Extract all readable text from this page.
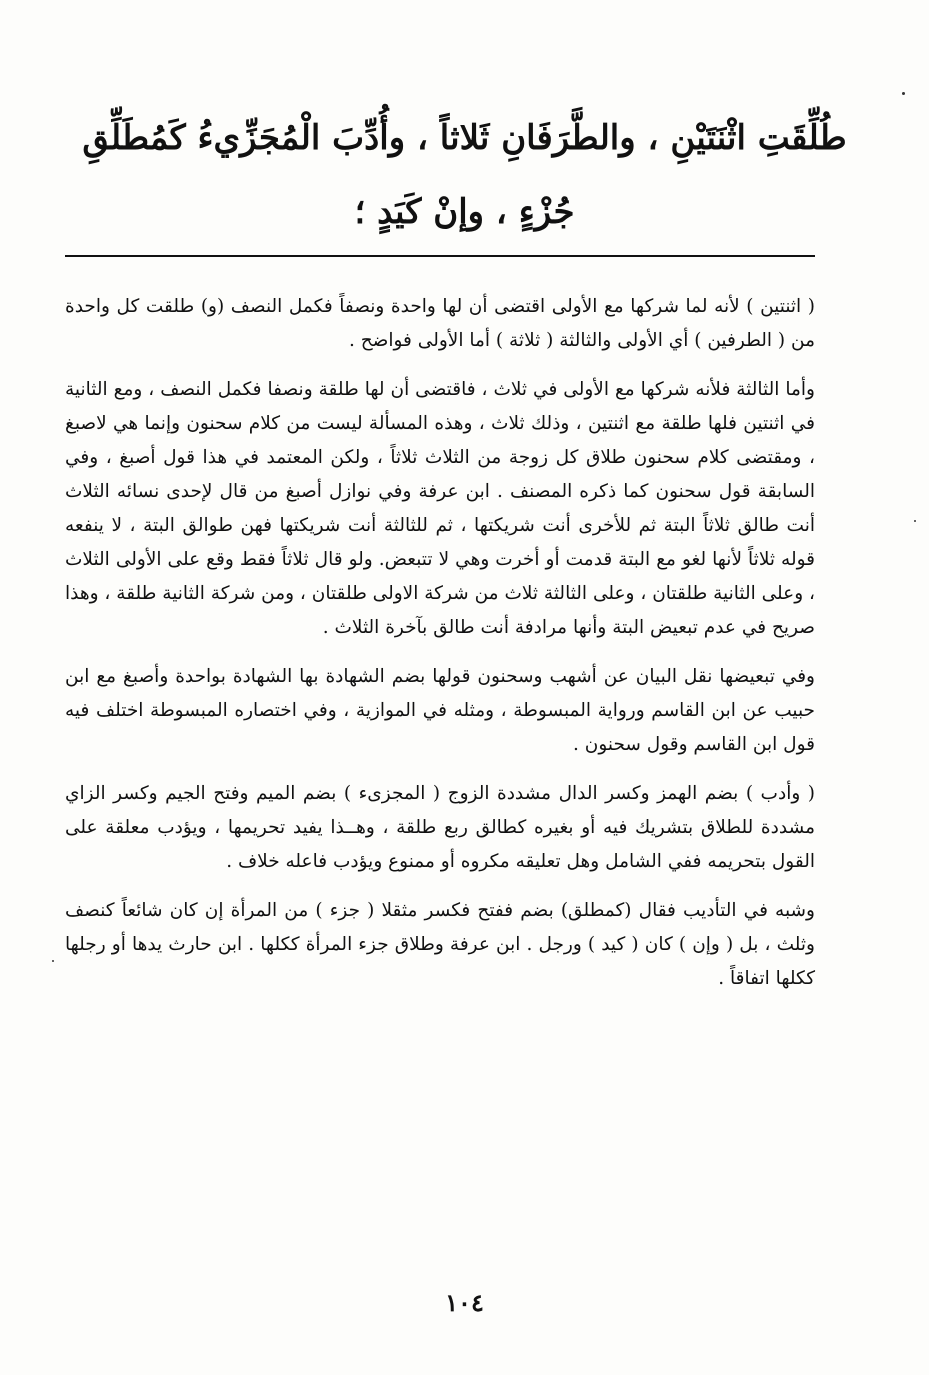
طُلِّقَتِ اثْنَتَيْنِ ، والطَّرَفَانِ ثَلاثاً ، وأُدِّبَ الْمُجَزِّيءُ كَمُطَلِّقِ
جُزْءٍ ، وإنْ كَيَدٍ ؛

( اثنتين ) لأنه لما شركها مع الأولى اقتضى أن لها واحدة ونصفاً فكمل النصف (و) طلقت كل واحدة من ( الطرفين ) أي الأولى والثالثة ( ثلاثة ) أما الأولى فواضح .

وأما الثالثة فلأنه شركها مع الأولى في ثلاث ، فاقتضى أن لها طلقة ونصفا فكمل النصف ، ومع الثانية في اثنتين فلها طلقة مع اثنتين ، وذلك ثلاث ، وهذه المسألة ليست من كلام سحنون وإنما هي لاصبغ ، ومقتضى كلام سحنون طلاق كل زوجة من الثلاث ثلاثاً ، ولكن المعتمد في هذا قول أصبغ ، وفي السابقة قول سحنون كما ذكره المصنف . ابن عرفة وفي نوازل أصبغ من قال لإحدى نسائه الثلاث أنت طالق ثلاثاً البتة ثم للأخرى أنت شريكتها ، ثم للثالثة أنت شريكتها فهن طوالق البتة ، لا ينفعه قوله ثلاثاً لأنها لغو مع البتة قدمت أو أخرت وهي لا تتبعض. ولو قال ثلاثاً فقط وقع على الأولى الثلاث ، وعلى الثانية طلقتان ، وعلى الثالثة ثلاث من شركة الاولى طلقتان ، ومن شركة الثانية طلقة ، وهذا صريح في عدم تبعيض البتة وأنها مرادفة أنت طالق بآخرة الثلاث .

وفي تبعيضها نقل البيان عن أشهب وسحنون قولها بضم الشهادة بها الشهادة بواحدة وأصبغ مع ابن حبيب عن ابن القاسم ورواية المبسوطة ، ومثله في الموازية ، وفي اختصاره المبسوطة اختلف فيه قول ابن القاسم وقول سحنون .

( وأدب ) بضم الهمز وكسر الدال مشددة الزوج ( المجزىء ) بضم الميم وفتح الجيم وكسر الزاي مشددة للطلاق بتشريك فيه أو بغيره كطالق ربع طلقة ، وهــذا يفيد تحريمها ، ويؤدب معلقة على القول بتحريمه ففي الشامل وهل تعليقه مكروه أو ممنوع ويؤدب فاعله خلاف .

وشبه في التأديب فقال (كمطلق) بضم ففتح فكسر مثقلا ( جزء ) من المرأة إن كان شائعاً كنصف وثلث ، بل ( وإن ) كان ( كيد ) ورجل . ابن عرفة وطلاق جزء المرأة ككلها . ابن حارث يدها أو رجلها ككلها اتفاقاً .

١٠٤
